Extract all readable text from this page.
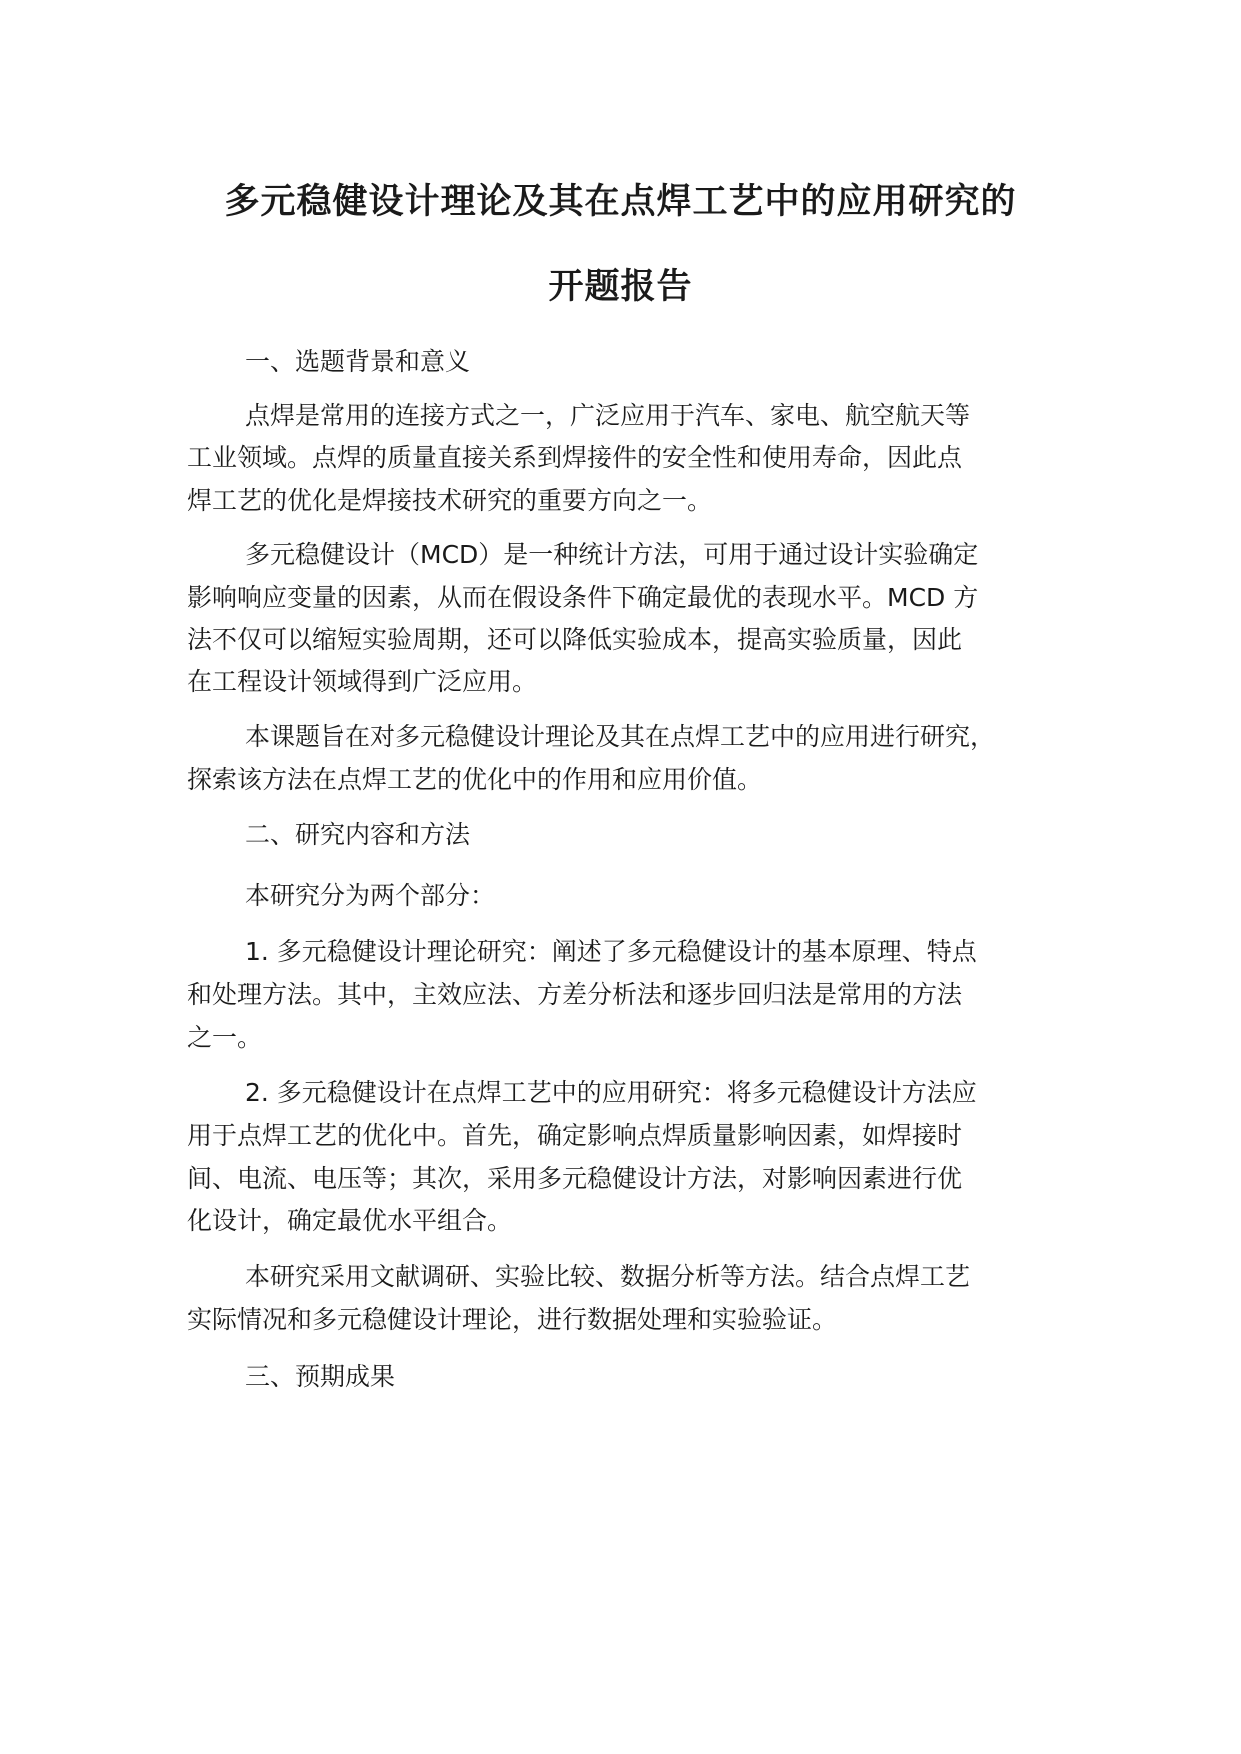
多元稳健设计理论及其在点焊工艺中的应用研究的
开题报告
一、选题背景和意义
点焊是常用的连接方式之一，广泛应用于汽车、家电、航空航天等
工业领域。点焊的质量直接关系到焊接件的安全性和使用寿命，因此点
焊工艺的优化是焊接技术研究的重要方向之一。
多元稳健设计（MCD）是一种统计方法，可用于通过设计实验确定
影响响应变量的因素，从而在假设条件下确定最优的表现水平。MCD 方
法不仅可以缩短实验周期，还可以降低实验成本，提高实验质量，因此
在工程设计领域得到广泛应用。
本课题旨在对多元稳健设计理论及其在点焊工艺中的应用进行研究，
探索该方法在点焊工艺的优化中的作用和应用价值。
二、研究内容和方法
本研究分为两个部分：
1. 多元稳健设计理论研究：阐述了多元稳健设计的基本原理、特点
和处理方法。其中，主效应法、方差分析法和逐步回归法是常用的方法
之一。
2. 多元稳健设计在点焊工艺中的应用研究：将多元稳健设计方法应
用于点焊工艺的优化中。首先，确定影响点焊质量影响因素，如焊接时
间、电流、电压等；其次，采用多元稳健设计方法，对影响因素进行优
化设计，确定最优水平组合。
本研究采用文献调研、实验比较、数据分析等方法。结合点焊工艺
实际情况和多元稳健设计理论，进行数据处理和实验验证。
三、预期成果
